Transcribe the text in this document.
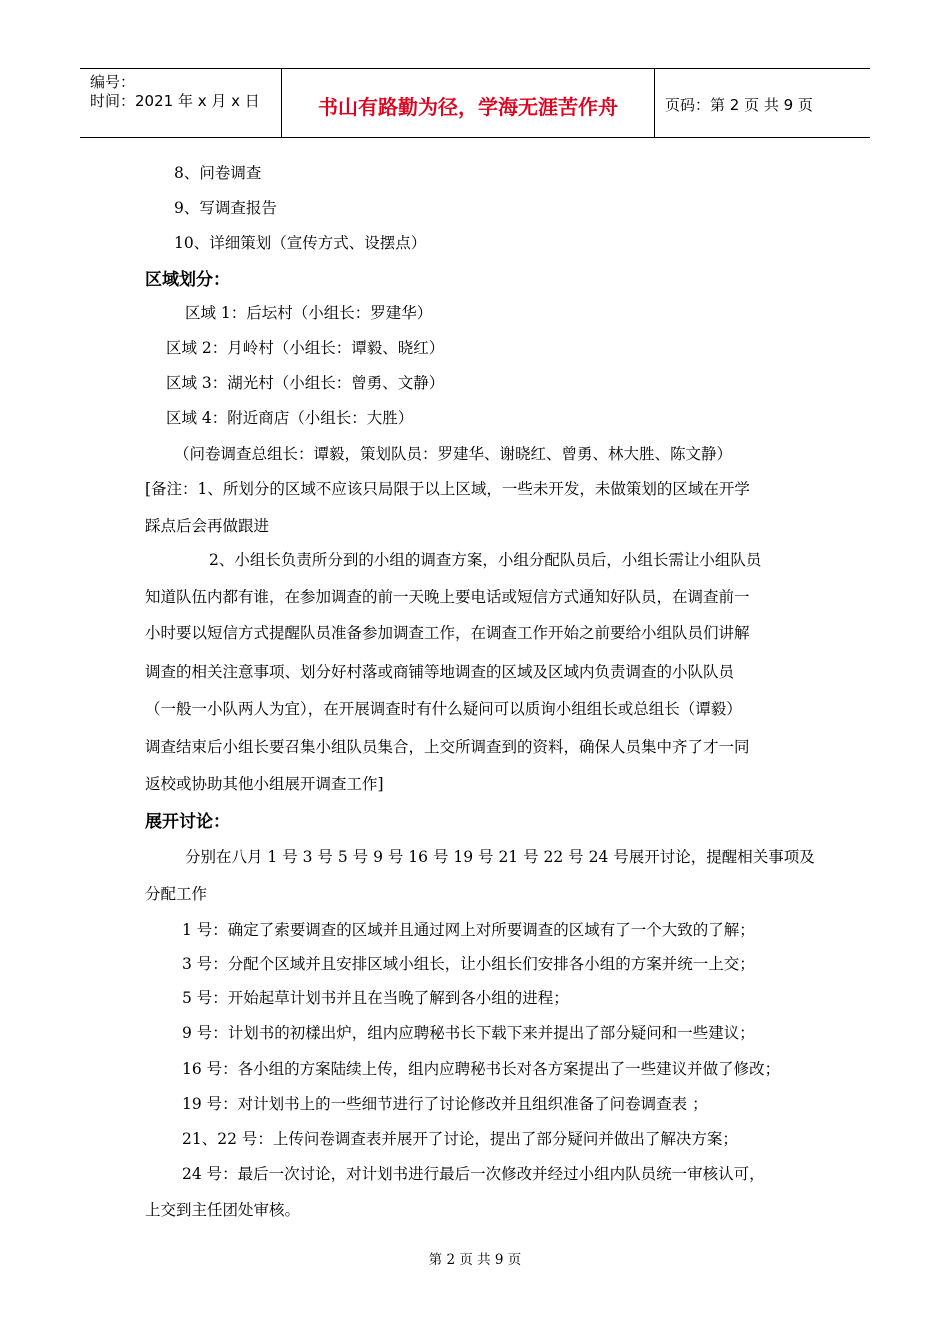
编号：
时间：2021 年 x 月 x 日	书山有路勤为径，学海无涯苦作舟	页码：第 2 页 共 9 页
8、问卷调查
9、写调查报告
10、详细策划（宣传方式、设摆点）
区域划分：
区域 1：后坛村（小组长：罗建华）
区域 2：月岭村（小组长：谭毅、晓红）
区域 3：湖光村（小组长：曾勇、文静）
区域 4：附近商店（小组长：大胜）
（问卷调查总组长：谭毅，策划队员：罗建华、谢晓红、曾勇、林大胜、陈文静）
[备注：1、所划分的区域不应该只局限于以上区域，一些未开发，未做策划的区域在开学
踩点后会再做跟进
2、小组长负责所分到的小组的调查方案，小组分配队员后，小组长需让小组队员
知道队伍内都有谁，在参加调查的前一天晚上要电话或短信方式通知好队员，在调查前一
小时要以短信方式提醒队员准备参加调查工作，在调查工作开始之前要给小组队员们讲解
调查的相关注意事项、划分好村落或商铺等地调查的区域及区域内负责调查的小队队员
（一般一小队两人为宜），在开展调查时有什么疑问可以质询小组组长或总组长（谭毅）
调查结束后小组长要召集小组队员集合，上交所调查到的资料，确保人员集中齐了才一同
返校或协助其他小组展开调查工作]
展开讨论：
分别在八月 1 号 3 号 5 号 9 号 16 号 19 号 21 号 22 号 24 号展开讨论，提醒相关事项及
分配工作
1 号：确定了索要调查的区域并且通过网上对所要调查的区域有了一个大致的了解；
3 号：分配个区域并且安排区域小组长，让小组长们安排各小组的方案并统一上交；
5 号：开始起草计划书并且在当晚了解到各小组的进程；
9 号：计划书的初樣出炉，组内应聘秘书长下载下来并提出了部分疑问和一些建议；
16 号：各小组的方案陆续上传，组内应聘秘书长对各方案提出了一些建议并做了修改；
19 号：对计划书上的一些细节进行了讨论修改并且组织准备了问卷调查表 ；
21、22 号：上传问卷调查表并展开了讨论，提出了部分疑问并做出了解决方案；
24 号：最后一次讨论，对计划书进行最后一次修改并经过小组内队员统一审核认可，
上交到主任团处审核。
第 2 页 共 9 页
